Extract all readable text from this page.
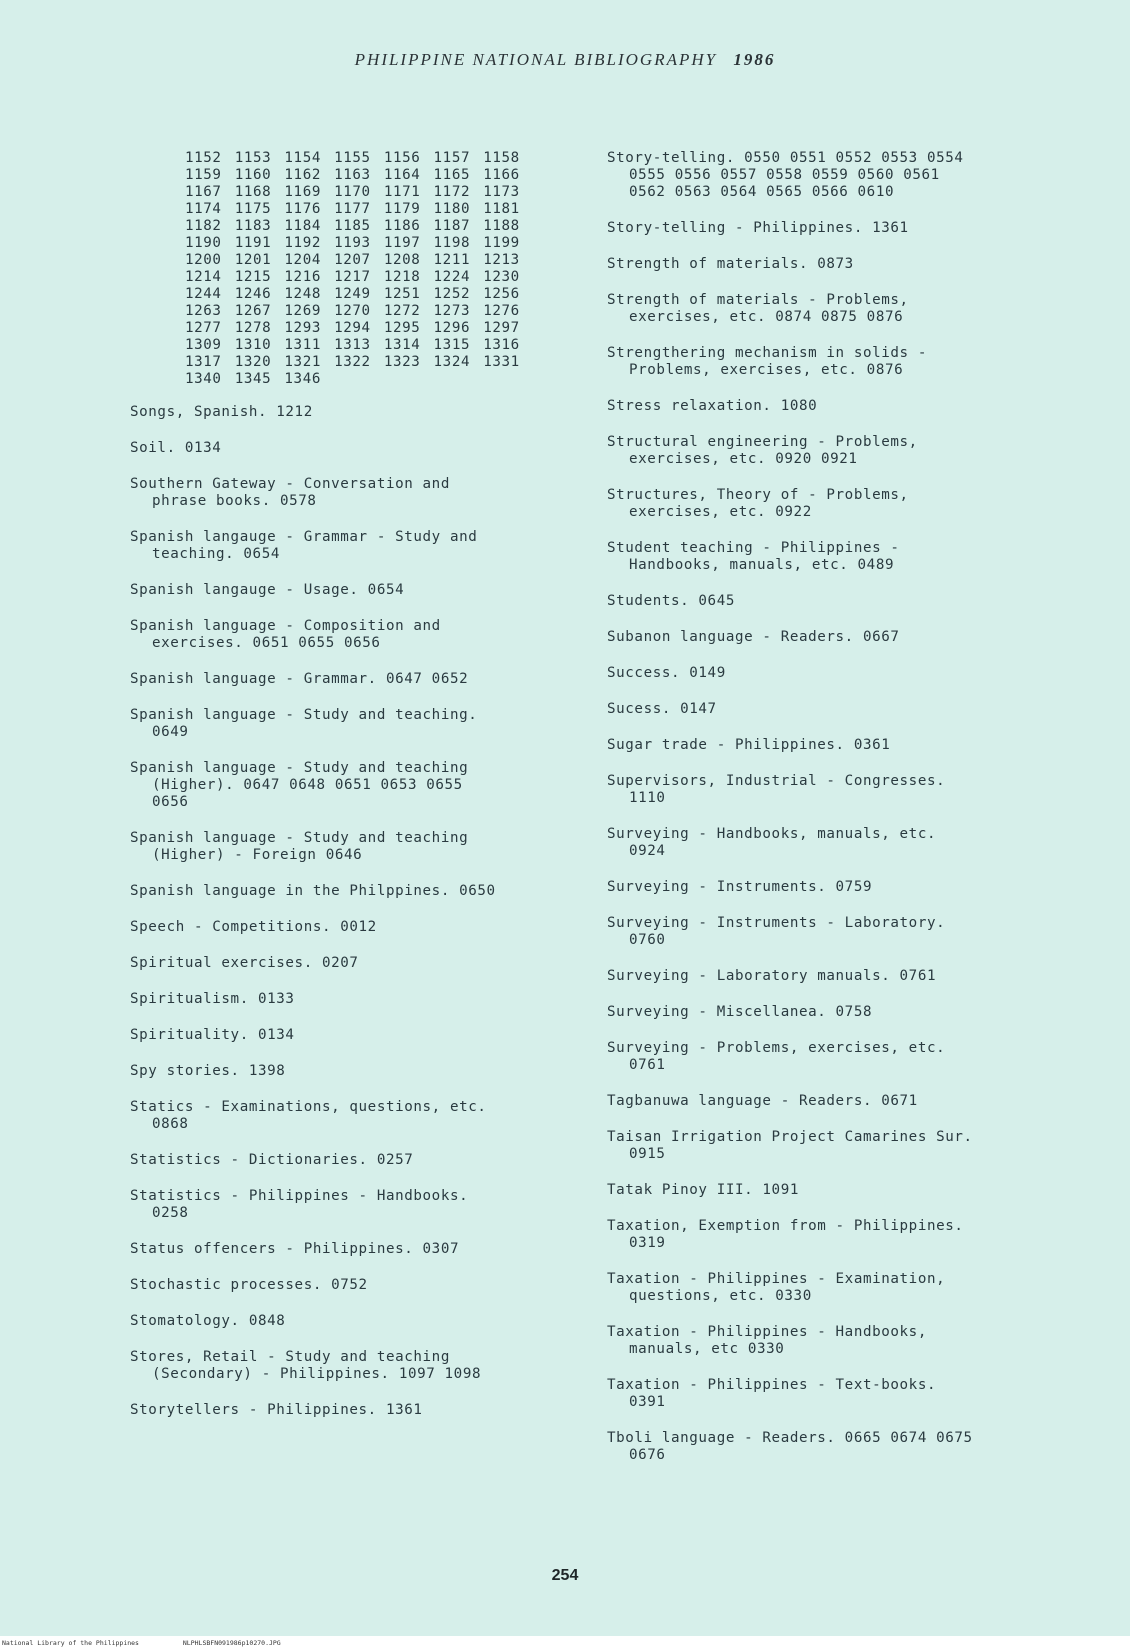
PHILIPPINE NATIONAL BIBLIOGRAPHY 1986
1152 1153 1154 1155 1156 1157 1158
1159 1160 1162 1163 1164 1165 1166
1167 1168 1169 1170 1171 1172 1173
1174 1175 1176 1177 1179 1180 1181
1182 1183 1184 1185 1186 1187 1188
1190 1191 1192 1193 1197 1198 1199
1200 1201 1204 1207 1208 1211 1213
1214 1215 1216 1217 1218 1224 1230
1244 1246 1248 1249 1251 1252 1256
1263 1267 1269 1270 1272 1273 1276
1277 1278 1293 1294 1295 1296 1297
1309 1310 1311 1313 1314 1315 1316
1317 1320 1321 1322 1323 1324 1331
1340 1345 1346
Songs, Spanish. 1212
Soil. 0134
Southern Gateway - Conversation and
phrase books. 0578
Spanish langauge - Grammar - Study and
teaching. 0654
Spanish langauge - Usage. 0654
Spanish language - Composition and
exercises. 0651 0655 0656
Spanish language - Grammar. 0647 0652
Spanish language - Study and teaching.
0649
Spanish language - Study and teaching
(Higher). 0647 0648 0651 0653 0655
0656
Spanish language - Study and teaching
(Higher) - Foreign 0646
Spanish language in the Philppines. 0650
Speech - Competitions. 0012
Spiritual exercises. 0207
Spiritualism. 0133
Spirituality. 0134
Spy stories. 1398
Statics - Examinations, questions, etc.
0868
Statistics - Dictionaries. 0257
Statistics - Philippines - Handbooks.
0258
Status offencers - Philippines. 0307
Stochastic processes. 0752
Stomatology. 0848
Stores, Retail - Study and teaching
(Secondary) - Philippines. 1097 1098
Storytellers - Philippines. 1361
Story-telling. 0550 0551 0552 0553 0554
0555 0556 0557 0558 0559 0560 0561
0562 0563 0564 0565 0566 0610
Story-telling - Philippines. 1361
Strength of materials. 0873
Strength of materials - Problems,
exercises, etc. 0874 0875 0876
Strengthering mechanism in solids -
Problems, exercises, etc. 0876
Stress relaxation. 1080
Structural engineering - Problems,
exercises, etc. 0920 0921
Structures, Theory of - Problems,
exercises, etc. 0922
Student teaching - Philippines -
Handbooks, manuals, etc. 0489
Students. 0645
Subanon language - Readers. 0667
Success. 0149
Sucess. 0147
Sugar trade - Philippines. 0361
Supervisors, Industrial - Congresses.
1110
Surveying - Handbooks, manuals, etc.
0924
Surveying - Instruments. 0759
Surveying - Instruments - Laboratory.
0760
Surveying - Laboratory manuals. 0761
Surveying - Miscellanea. 0758
Surveying - Problems, exercises, etc.
0761
Tagbanuwa language - Readers. 0671
Taisan Irrigation Project Camarines Sur.
0915
Tatak Pinoy III. 1091
Taxation, Exemption from - Philippines.
0319
Taxation - Philippines - Examination,
questions, etc. 0330
Taxation - Philippines - Handbooks,
manuals, etc 0330
Taxation - Philippines - Text-books.
0391
Tboli language - Readers. 0665 0674 0675
0676
254
National Library of the Philippines	NLPHLSBFN091986p10270.JPG
